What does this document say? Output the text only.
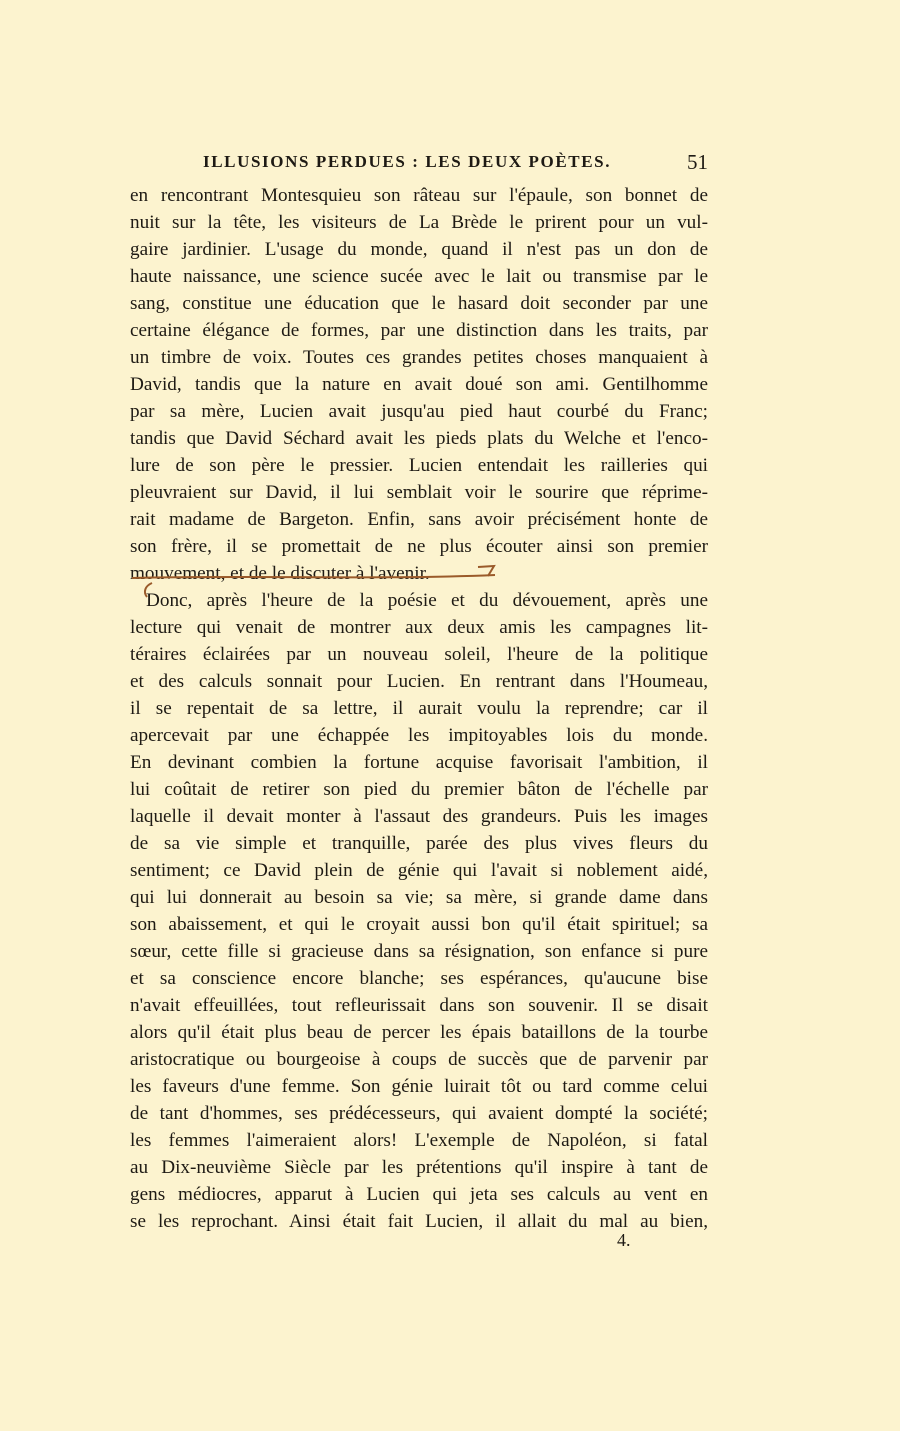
ILLUSIONS PERDUES : LES DEUX POÈTES.	51
en rencontrant Montesquieu son râteau sur l'épaule, son bonnet de
nuit sur la tête, les visiteurs de La Brède le prirent pour un vul-
gaire jardinier. L'usage du monde, quand il n'est pas un don de
haute naissance, une science sucée avec le lait ou transmise par le
sang, constitue une éducation que le hasard doit seconder par une
certaine élégance de formes, par une distinction dans les traits, par
un timbre de voix. Toutes ces grandes petites choses manquaient à
David, tandis que la nature en avait doué son ami. Gentilhomme
par sa mère, Lucien avait jusqu'au pied haut courbé du Franc;
tandis que David Séchard avait les pieds plats du Welche et l'enco-
lure de son père le pressier. Lucien entendait les railleries qui
pleuvraient sur David, il lui semblait voir le sourire que réprime-
rait madame de Bargeton. Enfin, sans avoir précisément honte de
son frère, il se promettait de ne plus écouter ainsi son premier
mouvement, et de le discuter à l'avenir.
Donc, après l'heure de la poésie et du dévouement, après une
lecture qui venait de montrer aux deux amis les campagnes lit-
téraires éclairées par un nouveau soleil, l'heure de la politique
et des calculs sonnait pour Lucien. En rentrant dans l'Houmeau,
il se repentait de sa lettre, il aurait voulu la reprendre; car il
apercevait par une échappée les impitoyables lois du monde.
En devinant combien la fortune acquise favorisait l'ambition, il
lui coûtait de retirer son pied du premier bâton de l'échelle par
laquelle il devait monter à l'assaut des grandeurs. Puis les images
de sa vie simple et tranquille, parée des plus vives fleurs du
sentiment; ce David plein de génie qui l'avait si noblement aidé,
qui lui donnerait au besoin sa vie; sa mère, si grande dame dans
son abaissement, et qui le croyait aussi bon qu'il était spirituel; sa
sœur, cette fille si gracieuse dans sa résignation, son enfance si pure
et sa conscience encore blanche; ses espérances, qu'aucune bise
n'avait effeuillées, tout refleurissait dans son souvenir. Il se disait
alors qu'il était plus beau de percer les épais bataillons de la tourbe
aristocratique ou bourgeoise à coups de succès que de parvenir par
les faveurs d'une femme. Son génie luirait tôt ou tard comme celui
de tant d'hommes, ses prédécesseurs, qui avaient dompté la société;
les femmes l'aimeraient alors! L'exemple de Napoléon, si fatal
au Dix-neuvième Siècle par les prétentions qu'il inspire à tant de
gens médiocres, apparut à Lucien qui jeta ses calculs au vent en
se les reprochant. Ainsi était fait Lucien, il allait du mal au bien,
4.
